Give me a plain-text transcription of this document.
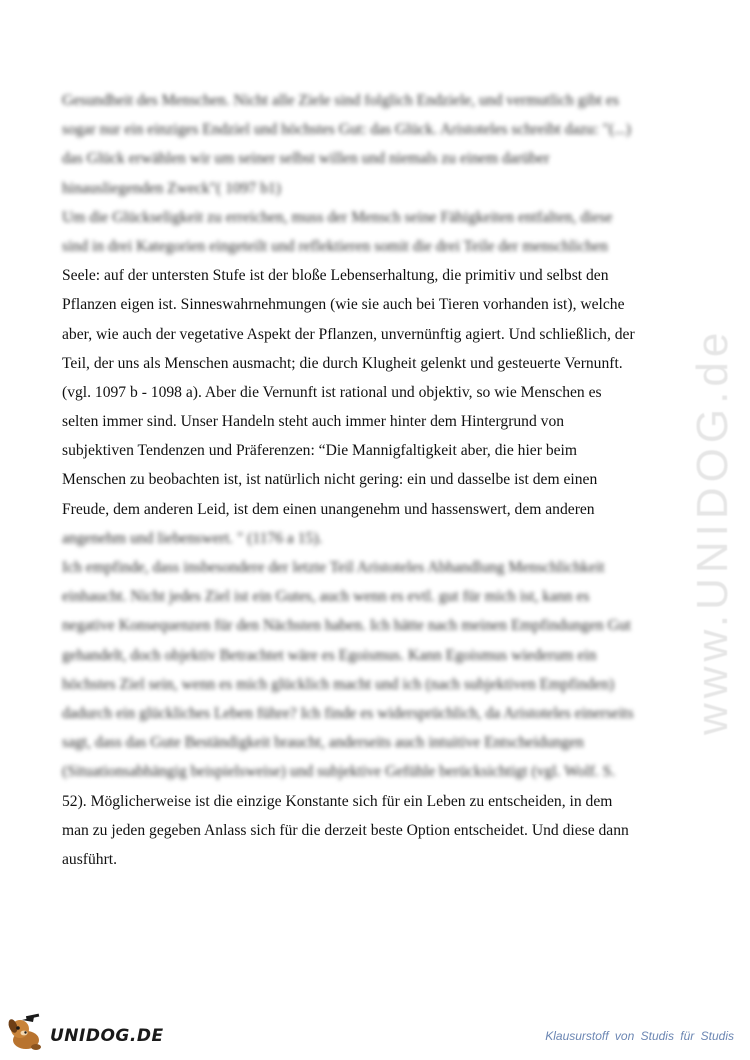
www.UNIDOG.de

Gesundheit des Menschen. Nicht alle Ziele sind folglich Endziele, und vermutlich gibt es

sogar nur ein einziges Endziel und höchstes Gut: das Glück. Aristoteles schreibt dazu: "(...)

das Glück erwählen wir um seiner selbst willen und niemals zu einem darüber

hinausliegenden Zweck"( 1097 b1)

Um die Glückseligkeit zu erreichen, muss der Mensch seine Fähigkeiten entfalten, diese

sind in drei Kategorien eingeteilt und reflektieren somit die drei Teile der menschlichen

Seele: auf der untersten Stufe ist der bloße Lebenserhaltung, die primitiv und selbst den

Pflanzen eigen ist. Sinneswahrnehmungen (wie sie auch bei Tieren vorhanden ist), welche

aber, wie auch der vegetative Aspekt der Pflanzen, unvernünftig agiert. Und schließlich, der

Teil, der uns als Menschen ausmacht; die durch Klugheit gelenkt und gesteuerte Vernunft.

(vgl. 1097 b - 1098 a). Aber die Vernunft ist rational und objektiv, so wie Menschen es

selten immer sind. Unser Handeln steht auch immer hinter dem Hintergrund von

subjektiven Tendenzen und Präferenzen: “Die Mannigfaltigkeit aber, die hier beim

Menschen zu beobachten ist, ist natürlich nicht gering: ein und dasselbe ist dem einen

Freude, dem anderen Leid, ist dem einen unangenehm und hassenswert, dem anderen

angenehm und liebenswert. " (1176 a 15).

Ich empfinde, dass insbesondere der letzte Teil Aristoteles Abhandlung Menschlichkeit

einhaucht. Nicht jedes Ziel ist ein Gutes, auch wenn es evtl. gut für mich ist, kann es

negative Konsequenzen für den Nächsten haben. Ich hätte nach meinen Empfindungen Gut

gehandelt, doch objektiv Betrachtet wäre es Egoismus. Kann Egoismus wiederum ein

höchstes Ziel sein, wenn es mich glücklich macht und ich (nach subjektiven Empfinden)

dadurch ein glückliches Leben führe? Ich finde es widersprüchlich, da Aristoteles einerseits

sagt, dass das Gute Beständigkeit braucht, anderseits auch intuitive Entscheidungen

(Situationsabhängig beispielsweise) und subjektive Gefühle berücksichtigt (vgl. Wolf. S.

52). Möglicherweise ist die einzige Konstante sich für ein Leben zu entscheiden, in dem

man zu jeden gegeben Anlass sich für die derzeit beste Option entscheidet. Und diese dann

ausführt.

UNIDOG.DE	Klausurstoff von Studis für Studis
